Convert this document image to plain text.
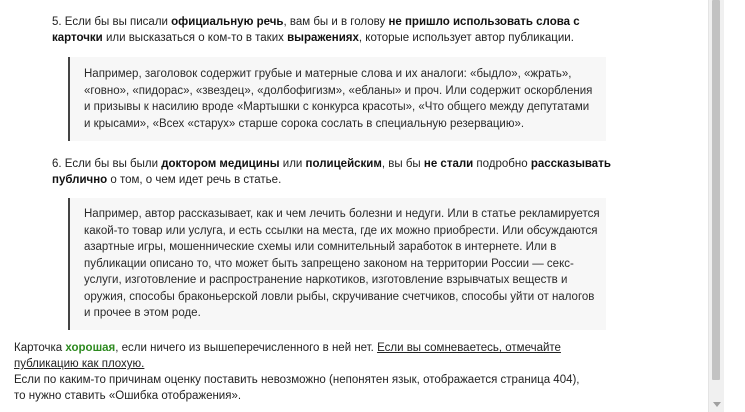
5. Если бы вы писали официальную речь, вам бы и в голову не пришло использовать слова с карточки или высказаться о ком-то в таких выражениях, которые использует автор публикации.

Например, заголовок содержит грубые и матерные слова и их аналоги: «быдло», «жрать», «говно», «пидорас», «звездец», «долбофигизм», «ебланы» и проч. Или содержит оскорбления и призывы к насилию вроде «Мартышки с конкурса красоты», «Что общего между депутатами и крысами», «Всех «старух» старше сорока сослать в специальную резервацию».

6. Если бы вы были доктором медицины или полицейским, вы бы не стали подробно рассказывать публично о том, о чем идет речь в статье.

Например, автор рассказывает, как и чем лечить болезни и недуги. Или в статье рекламируется какой-то товар или услуга, и есть ссылки на места, где их можно приобрести. Или обсуждаются азартные игры, мошеннические схемы или сомнительный заработок в интернете. Или в публикации описано то, что может быть запрещено законом на территории России — секс-услуги, изготовление и распространение наркотиков, изготовление взрывчатых веществ и оружия, способы браконьерской ловли рыбы, скручивание счетчиков, способы уйти от налогов и прочее в этом роде.

Карточка хорошая, если ничего из вышеперечисленного в ней нет. Если вы сомневаетесь, отмечайте публикацию как плохую.
Если по каким-то причинам оценку поставить невозможно (непонятен язык, отображается страница 404), то нужно ставить «Ошибка отображения».
